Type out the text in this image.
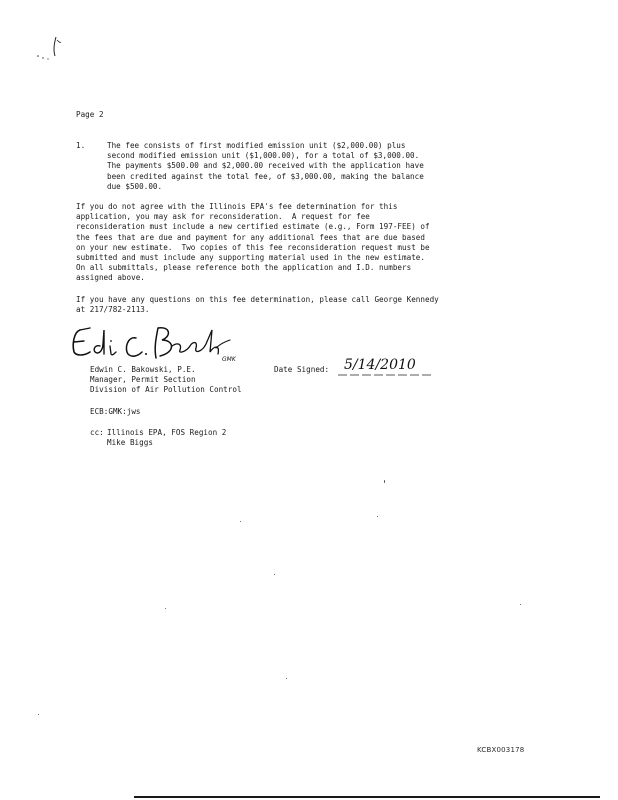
Page 2
1.	The fee consists of first modified emission unit ($2,000.00) plus
second modified emission unit ($1,000.00), for a total of $3,000.00.
The payments $500.00 and $2,000.00 received with the application have
been credited against the total fee, of $3,000.00, making the balance
due $500.00.
If you do not agree with the Illinois EPA's fee determination for this
application, you may ask for reconsideration.  A request for fee
reconsideration must include a new certified estimate (e.g., Form 197-FEE) of
the fees that are due and payment for any additional fees that are due based
on your new estimate.  Two copies of this fee reconsideration request must be
submitted and must include any supporting material used in the new estimate.
On all submittals, please reference both the application and I.D. numbers
assigned above.
If you have any questions on this fee determination, please call George Kennedy
at 217/782-2113.
GMK
Edwin C. Bakowski, P.E.
Manager, Permit Section
Division of Air Pollution Control
Date Signed: 5/14/2010
ECB:GMK:jws
cc: Illinois EPA, FOS Region 2
Mike Biggs
KCBX003178
